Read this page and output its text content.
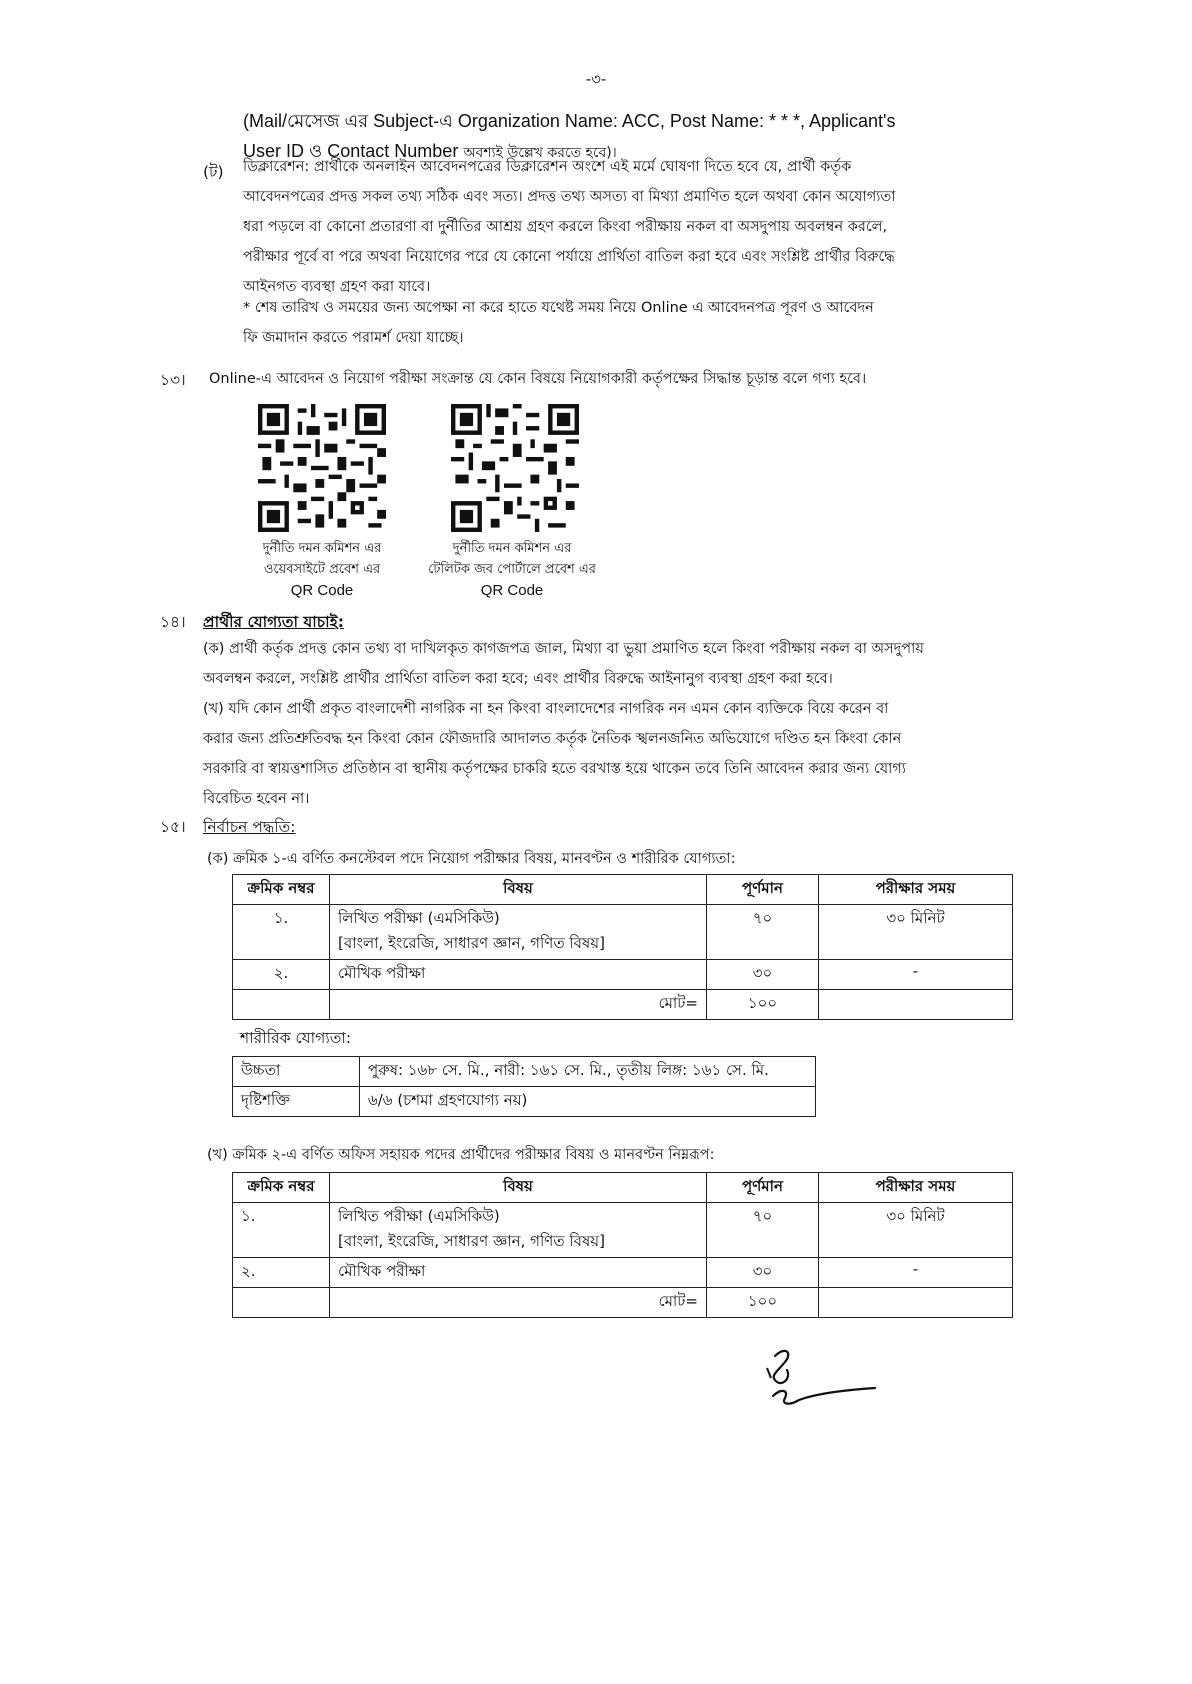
-৩-
(Mail/মেসেজ এর Subject-এ Organization Name: ACC, Post Name: * * *, Applicant's
User ID ও Contact Number অবশ্যই উল্লেখ করতে হবে)।
(ট) ডিক্লারেশন: প্রার্থীকে অনলাইন আবেদনপত্রের ডিক্লারেশন অংশে এই মর্মে ঘোষণা দিতে হবে যে, প্রার্থী কর্তৃক
আবেদনপত্রের প্রদত্ত সকল তথ্য সঠিক এবং সত্য। প্রদত্ত তথ্য অসত্য বা মিথ্যা প্রমাণিত হলে অথবা কোন অযোগ্যতা
ধরা পড়লে বা কোনো প্রতারণা বা দুর্নীতির আশ্রয় গ্রহণ করলে কিংবা পরীক্ষায় নকল বা অসদুপায় অবলম্বন করলে,
পরীক্ষার পূর্বে বা পরে অথবা নিয়োগের পরে যে কোনো পর্যায়ে প্রার্থিতা বাতিল করা হবে এবং সংশ্লিষ্ট প্রার্থীর বিরুদ্ধে
আইনগত ব্যবস্থা গ্রহণ করা যাবে।
* শেষ তারিখ ও সময়ের জন্য অপেক্ষা না করে হাতে যথেষ্ট সময় নিয়ে Online এ আবেদনপত্র পূরণ ও আবেদন
ফি জমাদান করতে পরামর্শ দেয়া যাচ্ছে।
১৩। Online-এ আবেদন ও নিয়োগ পরীক্ষা সংক্রান্ত যে কোন বিষয়ে নিয়োগকারী কর্তৃপক্ষের সিদ্ধান্ত চূড়ান্ত বলে গণ্য হবে।
দুর্নীতি দমন কমিশন এর
ওয়েবসাইটে প্রবেশ এর
QR Code
দুর্নীতি দমন কমিশন এর
টেলিটক জব পোর্টালে প্রবেশ এর
QR Code
১৪। প্রার্থীর যোগ্যতা যাচাই:
(ক) প্রার্থী কর্তৃক প্রদত্ত কোন তথ্য বা দাখিলকৃত কাগজপত্র জাল, মিথ্যা বা ভুয়া প্রমাণিত হলে কিংবা পরীক্ষায় নকল বা অসদুপায়
অবলম্বন করলে, সংশ্লিষ্ট প্রার্থীর প্রার্থিতা বাতিল করা হবে; এবং প্রার্থীর বিরুদ্ধে আইনানুগ ব্যবস্থা গ্রহণ করা হবে।
(খ) যদি কোন প্রার্থী প্রকৃত বাংলাদেশী নাগরিক না হন কিংবা বাংলাদেশের নাগরিক নন এমন কোন ব্যক্তিকে বিয়ে করেন বা
করার জন্য প্রতিশ্রুতিবদ্ধ হন কিংবা কোন ফৌজদারি আদালত কর্তৃক নৈতিক স্খলনজনিত অভিযোগে দণ্ডিত হন কিংবা কোন
সরকারি বা স্বায়ত্তশাসিত প্রতিষ্ঠান বা স্থানীয় কর্তৃপক্ষের চাকরি হতে বরখাস্ত হয়ে থাকেন তবে তিনি আবেদন করার জন্য যোগ্য
বিবেচিত হবেন না।
১৫। নির্বাচন পদ্ধতি:
(ক) ক্রমিক ১-এ বর্ণিত কনস্টেবল পদে নিয়োগ পরীক্ষার বিষয়, মানবণ্টন ও শারীরিক যোগ্যতা:
ক্রমিক নম্বর	বিষয়	পূর্ণমান	পরীক্ষার সময়
১.	লিখিত পরীক্ষা (এমসিকিউ)
[বাংলা, ইংরেজি, সাধারণ জ্ঞান, গণিত বিষয়]	৭০	৩০ মিনিট
২.	মৌখিক পরীক্ষা	৩০	-
	মোট=	১০০	
শারীরিক যোগ্যতা:
উচ্চতা	পুরুষ: ১৬৮ সে. মি., নারী: ১৬১ সে. মি., তৃতীয় লিঙ্গ: ১৬১ সে. মি.
দৃষ্টিশক্তি	৬/৬ (চশমা গ্রহণযোগ্য নয়)
(খ) ক্রমিক ২-এ বর্ণিত অফিস সহায়ক পদের প্রার্থীদের পরীক্ষার বিষয় ও মানবণ্টন নিম্নরূপ:
ক্রমিক নম্বর	বিষয়	পূর্ণমান	পরীক্ষার সময়
১.	লিখিত পরীক্ষা (এমসিকিউ)
[বাংলা, ইংরেজি, সাধারণ জ্ঞান, গণিত বিষয়]	৭০	৩০ মিনিট
২.	মৌখিক পরীক্ষা	৩০	-
	মোট=	১০০	
